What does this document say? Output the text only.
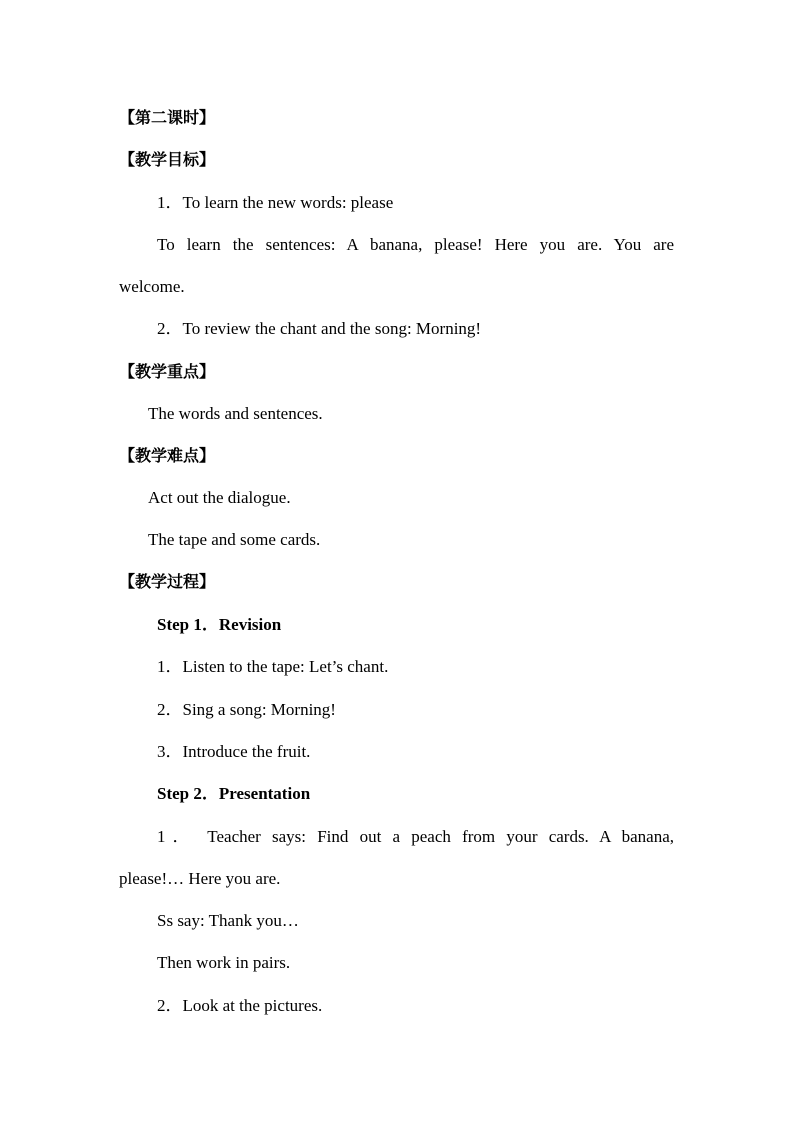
【第二课时】
【教学目标】
1．To learn the new words: please
To learn the sentences: A banana, please! Here you are. You are
welcome.
2．To review the chant and the song: Morning!
【教学重点】
The words and sentences.
【教学难点】
Act out the dialogue.
The tape and some cards.
【教学过程】
Step 1．Revision
1．Listen to the tape: Let’s chant.
2．Sing a song: Morning!
3．Introduce the fruit.
Step 2．Presentation
1． Teacher says: Find out a peach from your cards. A banana,
please!… Here you are.
Ss say: Thank you…
Then work in pairs.
2．Look at the pictures.
